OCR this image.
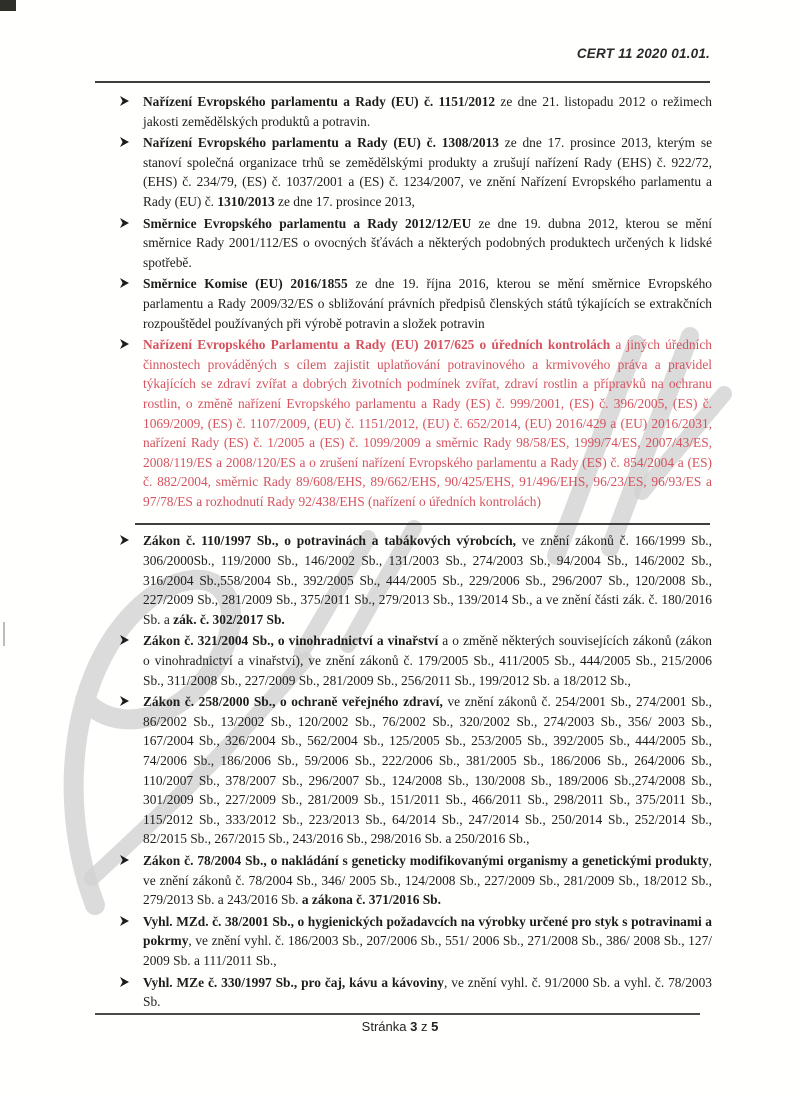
CERT 11 2020 01.01.
Nařízení Evropského parlamentu a Rady (EU) č. 1151/2012 ze dne 21. listopadu 2012 o režimech jakosti zemědělských produktů a potravin.
Nařízení Evropského parlamentu a Rady (EU) č. 1308/2013 ze dne 17. prosince 2013, kterým se stanoví společná organizace trhů se zemědělskými produkty a zrušují nařízení Rady (EHS) č. 922/72, (EHS) č. 234/79, (ES) č. 1037/2001 a (ES) č. 1234/2007, ve znění Nařízení Evropského parlamentu a Rady (EU) č. 1310/2013 ze dne 17. prosince 2013,
Směrnice Evropského parlamentu a Rady 2012/12/EU ze dne 19. dubna 2012, kterou se mění směrnice Rady 2001/112/ES o ovocných šťávách a některých podobných produktech určených k lidské spotřebě.
Směrnice Komise (EU) 2016/1855 ze dne 19. října 2016, kterou se mění směrnice Evropského parlamentu a Rady 2009/32/ES o sbližování právních předpisů členských států týkajících se extrakčních rozpouštědel používaných při výrobě potravin a složek potravin
Nařízení Evropského Parlamentu a Rady (EU) 2017/625 o úředních kontrolách a jiných úředních činnostech prováděných s cílem zajistit uplatňování potravinového a krmivového práva a pravidel týkajících se zdraví zvířat a dobrých životních podmínek zvířat, zdraví rostlin a přípravků na ochranu rostlin, o změně nařízení Evropského parlamentu a Rady (ES) č. 999/2001, (ES) č. 396/2005, (ES) č. 1069/2009, (ES) č. 1107/2009, (EU) č. 1151/2012, (EU) č. 652/2014, (EU) 2016/429 a (EU) 2016/2031, nařízení Rady (ES) č. 1/2005 a (ES) č. 1099/2009 a směrnic Rady 98/58/ES, 1999/74/ES, 2007/43/ES, 2008/119/ES a 2008/120/ES a o zrušení nařízení Evropského parlamentu a Rady (ES) č. 854/2004 a (ES) č. 882/2004, směrnic Rady 89/608/EHS, 89/662/EHS, 90/425/EHS, 91/496/EHS, 96/23/ES, 96/93/ES a 97/78/ES a rozhodnutí Rady 92/438/EHS (nařízení o úředních kontrolách)
Zákon č. 110/1997 Sb., o potravinách a tabákových výrobcích, ve znění zákonů č. 166/1999 Sb., 306/2000Sb., 119/2000 Sb., 146/2002 Sb., 131/2003 Sb., 274/2003 Sb., 94/2004 Sb., 146/2002 Sb., 316/2004 Sb.,558/2004 Sb., 392/2005 Sb., 444/2005 Sb., 229/2006 Sb., 296/2007 Sb., 120/2008 Sb., 227/2009 Sb., 281/2009 Sb., 375/2011 Sb., 279/2013 Sb., 139/2014 Sb., a ve znění části zák. č. 180/2016 Sb. a zák. č. 302/2017 Sb.
Zákon č. 321/2004 Sb., o vinohradnictví a vinařství a o změně některých souvisejících zákonů (zákon o vinohradnictví a vinařství), ve znění zákonů č. 179/2005 Sb., 411/2005 Sb., 444/2005 Sb., 215/2006 Sb., 311/2008 Sb., 227/2009 Sb., 281/2009 Sb., 256/2011 Sb., 199/2012 Sb. a 18/2012 Sb.,
Zákon č. 258/2000 Sb., o ochraně veřejného zdraví, ve znění zákonů č. 254/2001 Sb., 274/2001 Sb., 86/2002 Sb., 13/2002 Sb., 120/2002 Sb., 76/2002 Sb., 320/2002 Sb., 274/2003 Sb., 356/ 2003 Sb., 167/2004 Sb., 326/2004 Sb., 562/2004 Sb., 125/2005 Sb., 253/2005 Sb., 392/2005 Sb., 444/2005 Sb., 74/2006 Sb., 186/2006 Sb., 59/2006 Sb., 222/2006 Sb., 381/2005 Sb., 186/2006 Sb., 264/2006 Sb., 110/2007 Sb., 378/2007 Sb., 296/2007 Sb., 124/2008 Sb., 130/2008 Sb., 189/2006 Sb.,274/2008 Sb., 301/2009 Sb., 227/2009 Sb., 281/2009 Sb., 151/2011 Sb., 466/2011 Sb., 298/2011 Sb., 375/2011 Sb., 115/2012 Sb., 333/2012 Sb., 223/2013 Sb., 64/2014 Sb., 247/2014 Sb., 250/2014 Sb., 252/2014 Sb., 82/2015 Sb., 267/2015 Sb., 243/2016 Sb., 298/2016 Sb. a 250/2016 Sb.,
Zákon č. 78/2004 Sb., o nakládání s geneticky modifikovanými organismy a genetickými produkty, ve znění zákonů č. 78/2004 Sb., 346/ 2005 Sb., 124/2008 Sb., 227/2009 Sb., 281/2009 Sb., 18/2012 Sb., 279/2013 Sb. a 243/2016 Sb. a zákona č. 371/2016 Sb.
Vyhl. MZd. č. 38/2001 Sb., o hygienických požadavcích na výrobky určené pro styk s potravinami a pokrmy, ve znění vyhl. č. 186/2003 Sb., 207/2006 Sb., 551/ 2006 Sb., 271/2008 Sb., 386/ 2008 Sb., 127/ 2009 Sb. a 111/2011 Sb.,
Vyhl. MZe č. 330/1997 Sb., pro čaj, kávu a kávoviny, ve znění vyhl. č. 91/2000 Sb. a vyhl. č. 78/2003 Sb.
Stránka 3 z 5
